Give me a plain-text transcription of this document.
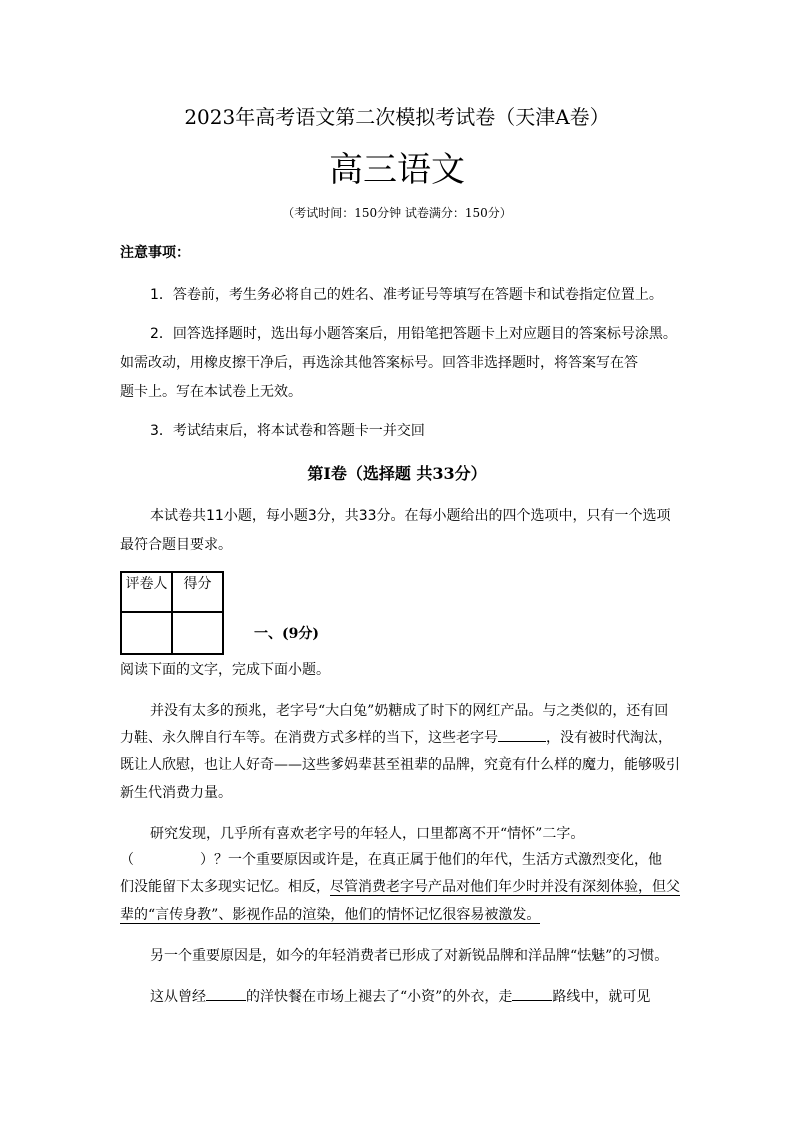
2023年高考语文第二次模拟考试卷（天津A卷）
高三语文
（考试时间：150分钟 试卷满分：150分）
注意事项：
1．答卷前，考生务必将自己的姓名、准考证号等填写在答题卡和试卷指定位置上。
2．回答选择题时，选出每小题答案后，用铅笔把答题卡上对应题目的答案标号涂黑。
如需改动，用橡皮擦干净后，再选涂其他答案标号。回答非选择题时，将答案写在答
题卡上。写在本试卷上无效。
3．考试结束后，将本试卷和答题卡一并交回
第Ⅰ卷（选择题 共33分）
本试卷共11小题，每小题3分，共33分。在每小题给出的四个选项中，只有一个选项
最符合题目要求。
评卷人	得分

一、(9分)
阅读下面的文字，完成下面小题。
并没有太多的预兆，老字号“大白兔”奶糖成了时下的网红产品。与之类似的，还有回
力鞋、永久牌自行车等。在消费方式多样的当下，这些老字号	，没有被时代淘汰，
既让人欣慰，也让人好奇——这些爹妈辈甚至祖辈的品牌，究竟有什么样的魔力，能够吸引
新生代消费力量。
研究发现，几乎所有喜欢老字号的年轻人，口里都离不开“情怀”二字。
（	）？一个重要原因或许是，在真正属于他们的年代，生活方式激烈变化，他
们没能留下太多现实记忆。相反，尽管消费老字号产品对他们年少时并没有深刻体验，但父
辈的“言传身教”、影视作品的渲染，他们的情怀记忆很容易被激发。
另一个重要原因是，如今的年轻消费者已形成了对新锐品牌和洋品牌“怯魅”的习惯。
这从曾经	的洋快餐在市场上褪去了“小资”的外衣，走	路线中，就可见
